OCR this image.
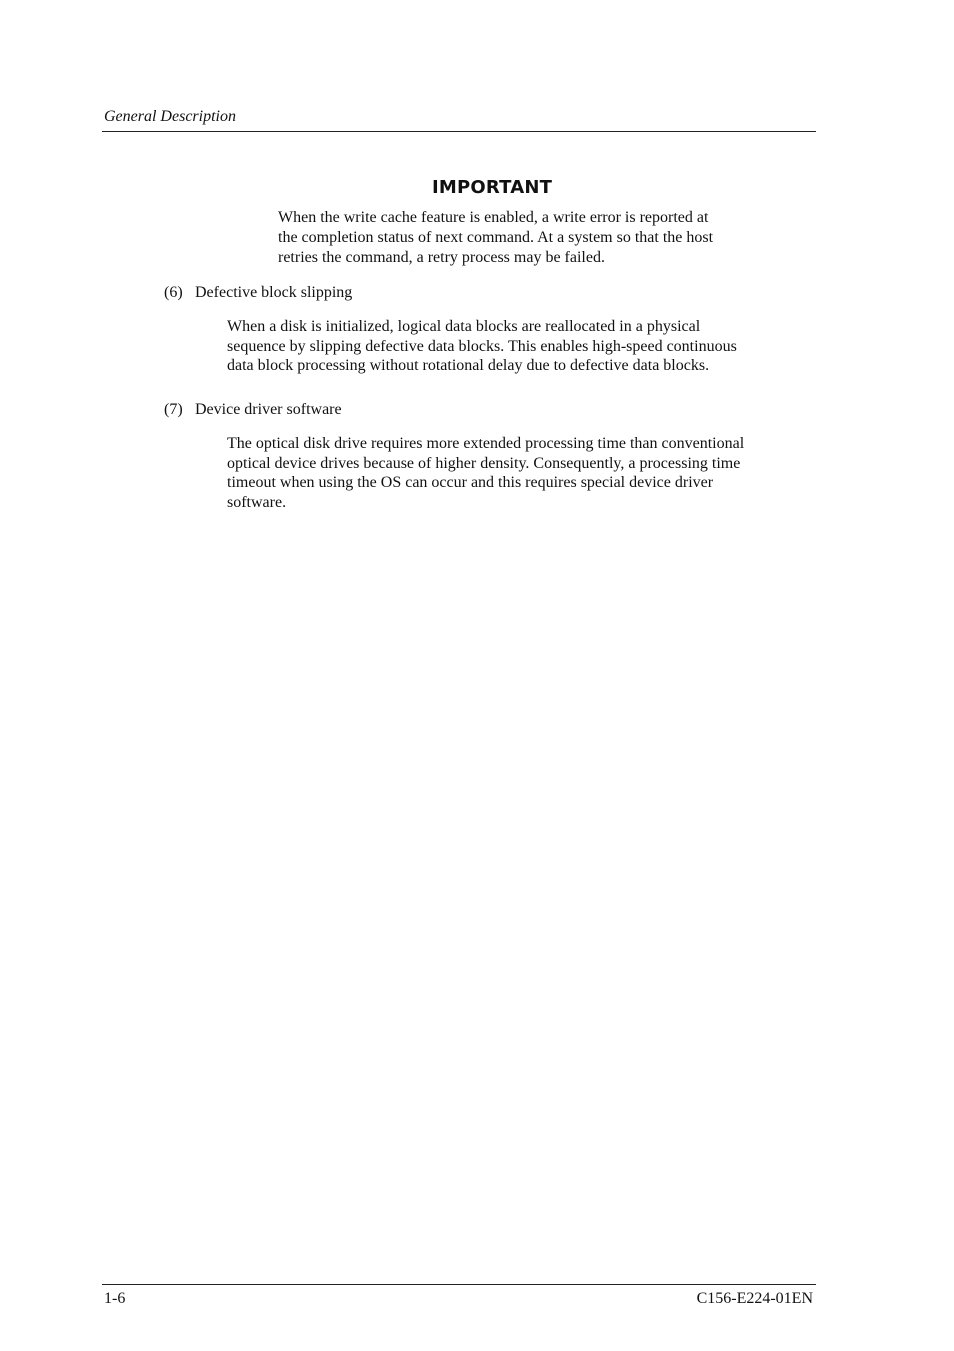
General Description
IMPORTANT
When the write cache feature is enabled, a write error is reported at
the completion status of next command. At a system so that the host
retries the command, a retry process may be failed.
(6) Defective block slipping
When a disk is initialized, logical data blocks are reallocated in a physical
sequence by slipping defective data blocks. This enables high-speed continuous
data block processing without rotational delay due to defective data blocks.
(7) Device driver software
The optical disk drive requires more extended processing time than conventional
optical device drives because of higher density. Consequently, a processing time
timeout when using the OS can occur and this requires special device driver
software.
1-6	C156-E224-01EN
